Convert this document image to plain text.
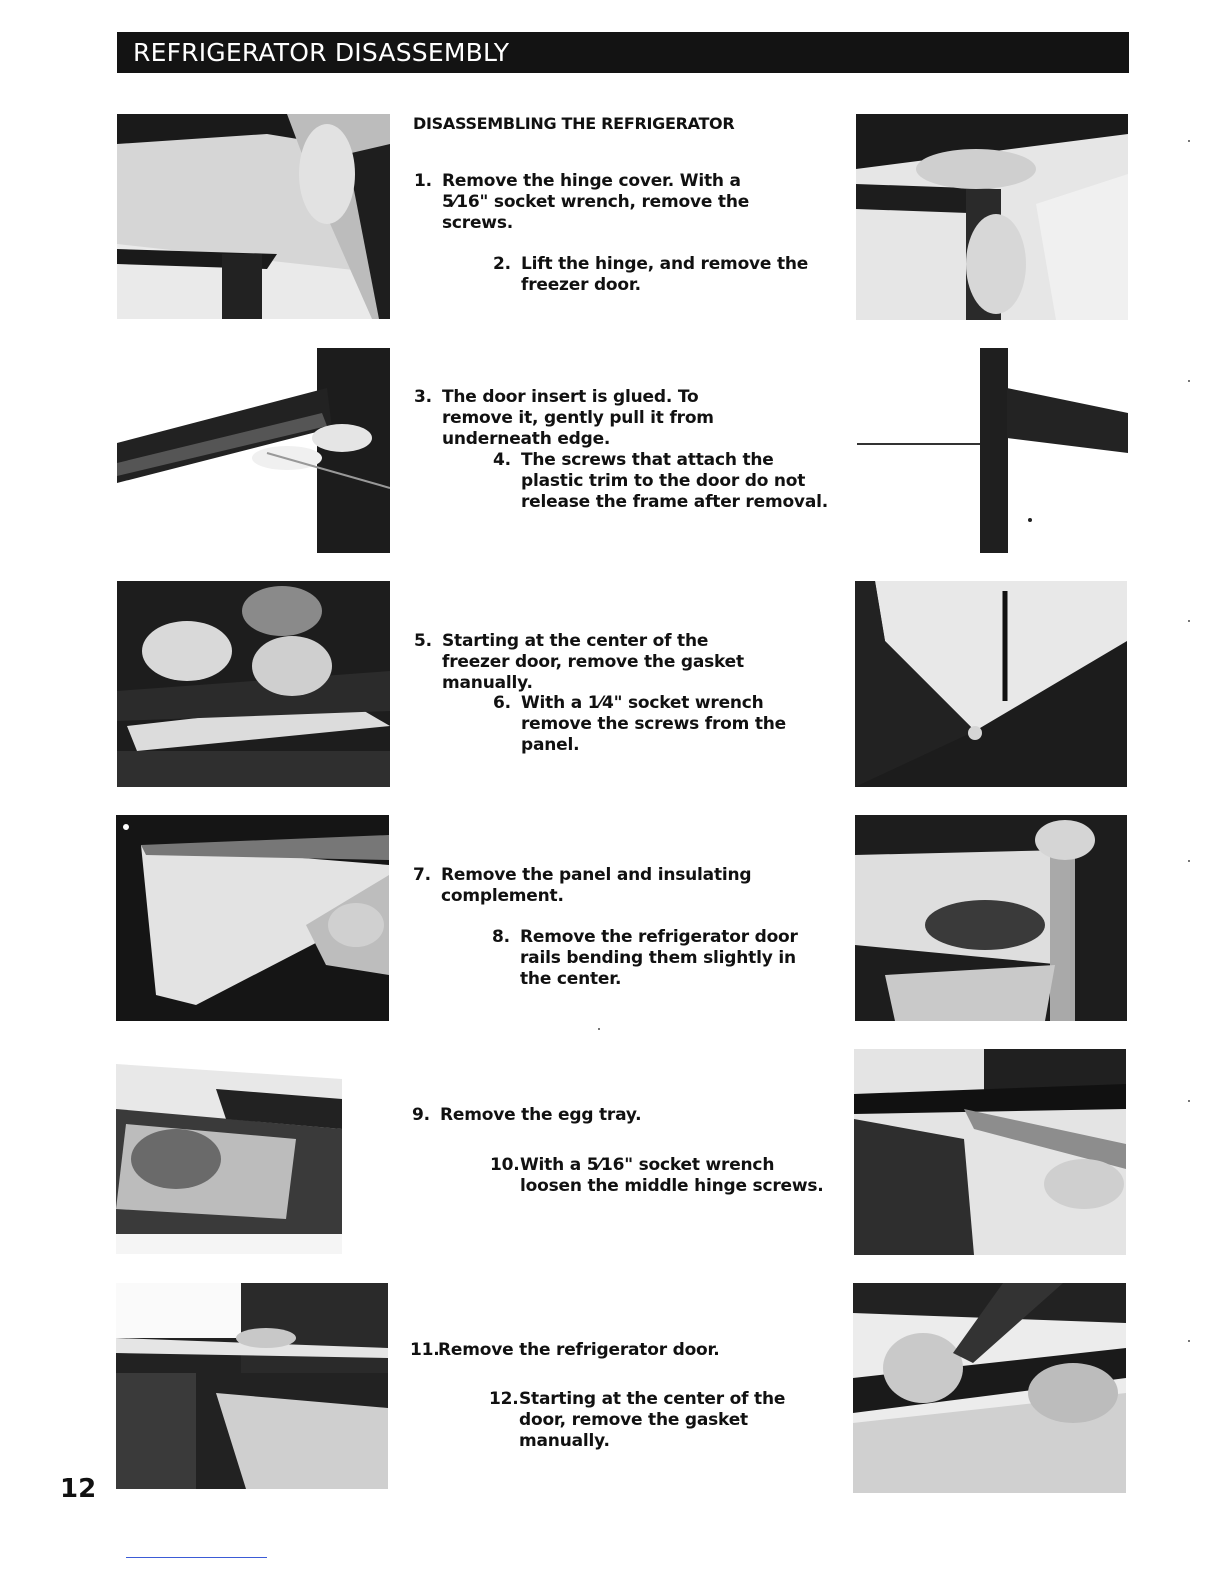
REFRIGERATOR DISASSEMBLY
DISASSEMBLING THE REFRIGERATOR
1. Remove the hinge cover. With a 5⁄16" socket wrench, remove the screws.
2. Lift the hinge, and remove the freezer door.
3. The door insert is glued. To remove it, gently pull it from underneath edge.
4. The screws that attach the plastic trim to the door do not release the frame after removal.
5. Starting at the center of the freezer door, remove the gasket manually.
6. With a 1⁄4" socket wrench remove the screws from the panel.
7. Remove the panel and insulating complement.
8. Remove the refrigerator door rails bending them slightly in the center.
9. Remove the egg tray.
10. With a 5⁄16" socket wrench loosen the middle hinge screws.
11.
Remove the refrigerator door.
12. Starting at the center of the door, remove the gasket manually.
12
